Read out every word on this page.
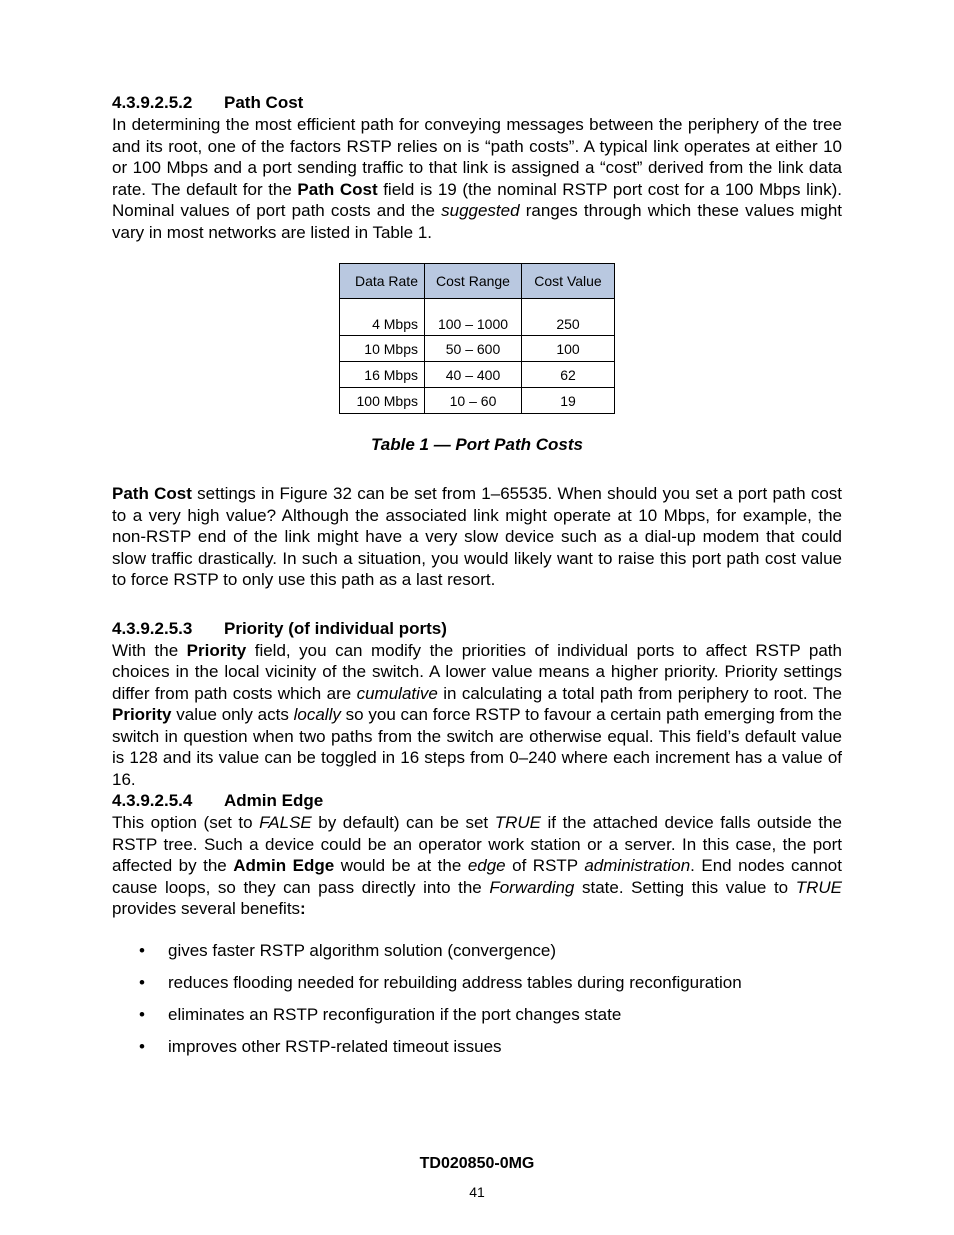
4.3.9.2.5.2 Path Cost

In determining the most efficient path for conveying messages between the periphery of the tree and its root, one of the factors RSTP relies on is “path costs”. A typical link operates at either 10 or 100 Mbps and a port sending traffic to that link is assigned a “cost” derived from the link data rate. The default for the Path Cost field is 19 (the nominal RSTP port cost for a 100 Mbps link). Nominal values of port path costs and the suggested ranges through which these values might vary in most networks are listed in Table 1.

Data Rate	Cost Range	Cost Value
4 Mbps	100 – 1000	250
10 Mbps	50 – 600	100
16 Mbps	40 – 400	62
100 Mbps	10 – 60	19
Table 1 — Port Path Costs

Path Cost settings in Figure 32 can be set from 1–65535. When should you set a port path cost to a very high value? Although the associated link might operate at 10 Mbps, for example, the non-RSTP end of the link might have a very slow device such as a dial-up modem that could slow traffic drastically. In such a situation, you would likely want to raise this port path cost value to force RSTP to only use this path as a last resort.

4.3.9.2.5.3 Priority (of individual ports)

With the Priority field, you can modify the priorities of individual ports to affect RSTP path choices in the local vicinity of the switch. A lower value means a higher priority. Priority settings differ from path costs which are cumulative in calculating a total path from periphery to root. The Priority value only acts locally so you can force RSTP to favour a certain path emerging from the switch in question when two paths from the switch are otherwise equal. This field’s default value is 128 and its value can be toggled in 16 steps from 0–240 where each increment has a value of 16.

4.3.9.2.5.4 Admin Edge

This option (set to FALSE by default) can be set TRUE if the attached device falls outside the RSTP tree. Such a device could be an operator work station or a server. In this case, the port affected by the Admin Edge would be at the edge of RSTP administration. End nodes cannot cause loops, so they can pass directly into the Forwarding state. Setting this value to TRUE provides several benefits:

• gives faster RSTP algorithm solution (convergence)
• reduces flooding needed for rebuilding address tables during reconfiguration
• eliminates an RSTP reconfiguration if the port changes state
• improves other RSTP-related timeout issues
TD020850-0MG
41
